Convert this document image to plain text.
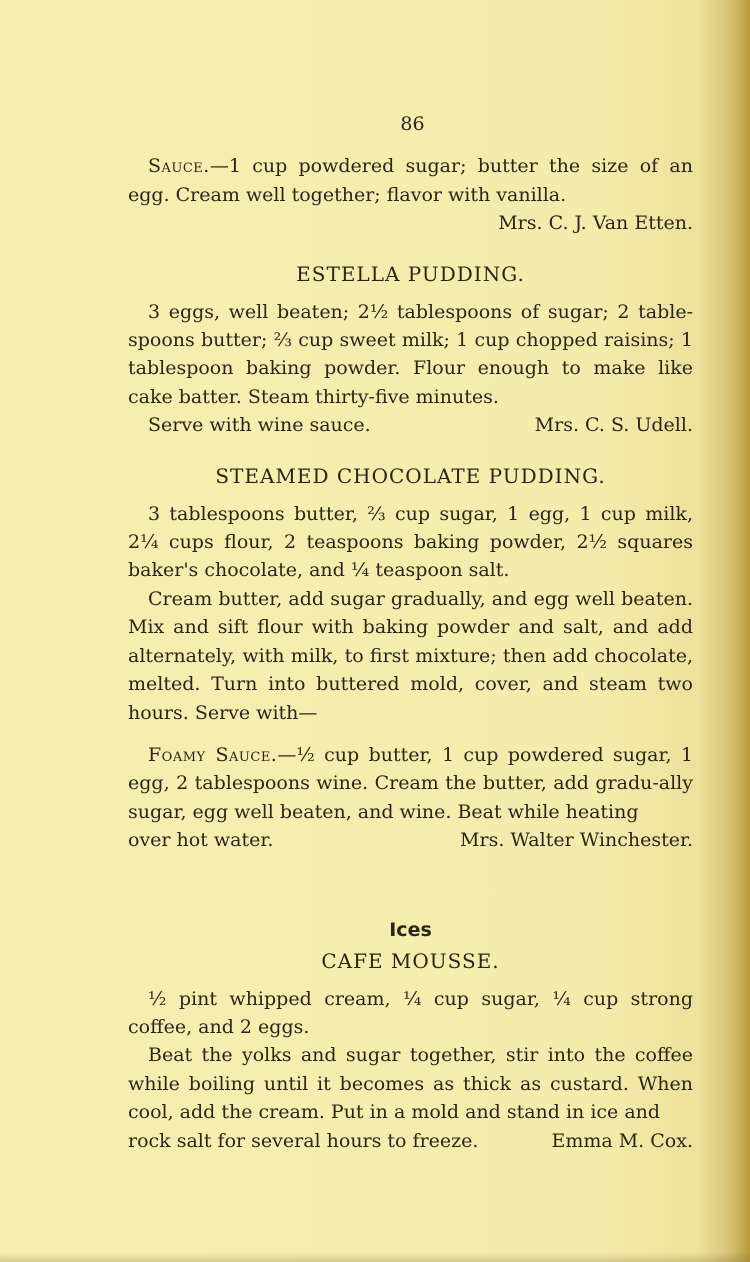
86

Sauce.—1 cup powdered sugar; butter the size of an egg. Cream well together; flavor with vanilla.

Mrs. C. J. Van Etten.
ESTELLA PUDDING.

3 eggs, well beaten; 2½ tablespoons of sugar; 2 table-spoons butter; ⅔ cup sweet milk; 1 cup chopped raisins; 1 tablespoon baking powder. Flour enough to make like cake batter. Steam thirty-five minutes.

Serve with wine sauce.	Mrs. C. S. Udell.
STEAMED CHOCOLATE PUDDING.

3 tablespoons butter, ⅔ cup sugar, 1 egg, 1 cup milk, 2¼ cups flour, 2 teaspoons baking powder, 2½ squares baker's chocolate, and ¼ teaspoon salt.

Cream butter, add sugar gradually, and egg well beaten. Mix and sift flour with baking powder and salt, and add alternately, with milk, to first mixture; then add chocolate, melted. Turn into buttered mold, cover, and steam two hours. Serve with—

Foamy Sauce.—½ cup butter, 1 cup powdered sugar, 1 egg, 2 tablespoons wine. Cream the butter, add gradu-ally sugar, egg well beaten, and wine. Beat while heating

over hot water.	Mrs. Walter Winchester.
Ices
CAFE MOUSSE.

½ pint whipped cream, ¼ cup sugar, ¼ cup strong coffee, and 2 eggs.

Beat the yolks and sugar together, stir into the coffee while boiling until it becomes as thick as custard. When cool, add the cream. Put in a mold and stand in ice and

rock salt for several hours to freeze.	Emma M. Cox.
